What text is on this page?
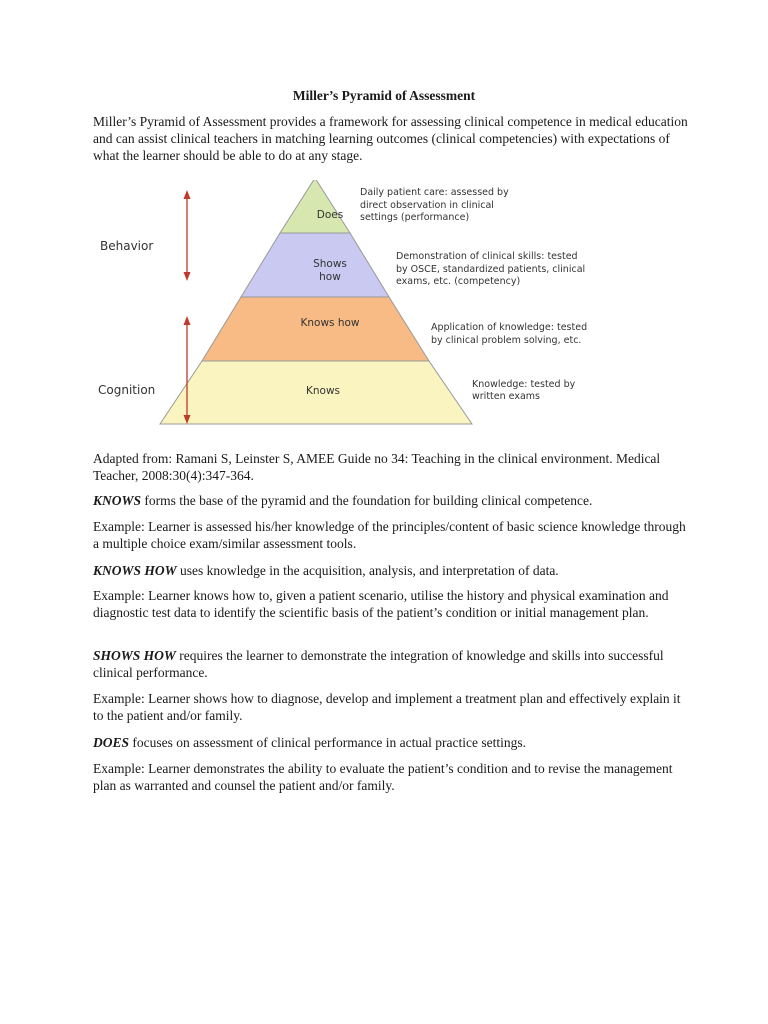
Miller’s Pyramid of Assessment
Miller’s Pyramid of Assessment provides a framework for assessing clinical competence in medical education and can assist clinical teachers in matching learning outcomes (clinical competencies) with expectations of what the learner should be able to do at any stage.
Does
Shows
how
Knows how
Knows
Daily patient care: assessed by
direct observation in clinical
settings (performance)
Demonstration of clinical skills: tested
by OSCE, standardized patients, clinical
exams, etc. (competency)
Application of knowledge: tested
by clinical problem solving, etc.
Knowledge: tested by
written exams
Behavior
Cognition
Adapted from: Ramani S, Leinster S, AMEE Guide no 34: Teaching in the clinical environment. Medical Teacher, 2008:30(4):347-364.
KNOWS forms the base of the pyramid and the foundation for building clinical competence.
Example: Learner is assessed his/her knowledge of the principles/content of basic science knowledge through a multiple choice exam/similar assessment tools.
KNOWS HOW uses knowledge in the acquisition, analysis, and interpretation of data.
Example: Learner knows how to, given a patient scenario, utilise the history and physical examination and diagnostic test data to identify the scientific basis of the patient’s condition or initial management plan.
SHOWS HOW requires the learner to demonstrate the integration of knowledge and skills into successful clinical performance.
Example: Learner shows how to diagnose, develop and implement a treatment plan and effectively explain it to the patient and/or family.
DOES focuses on assessment of clinical performance in actual practice settings.
Example: Learner demonstrates the ability to evaluate the patient’s condition and to revise the management plan as warranted and counsel the patient and/or family.
